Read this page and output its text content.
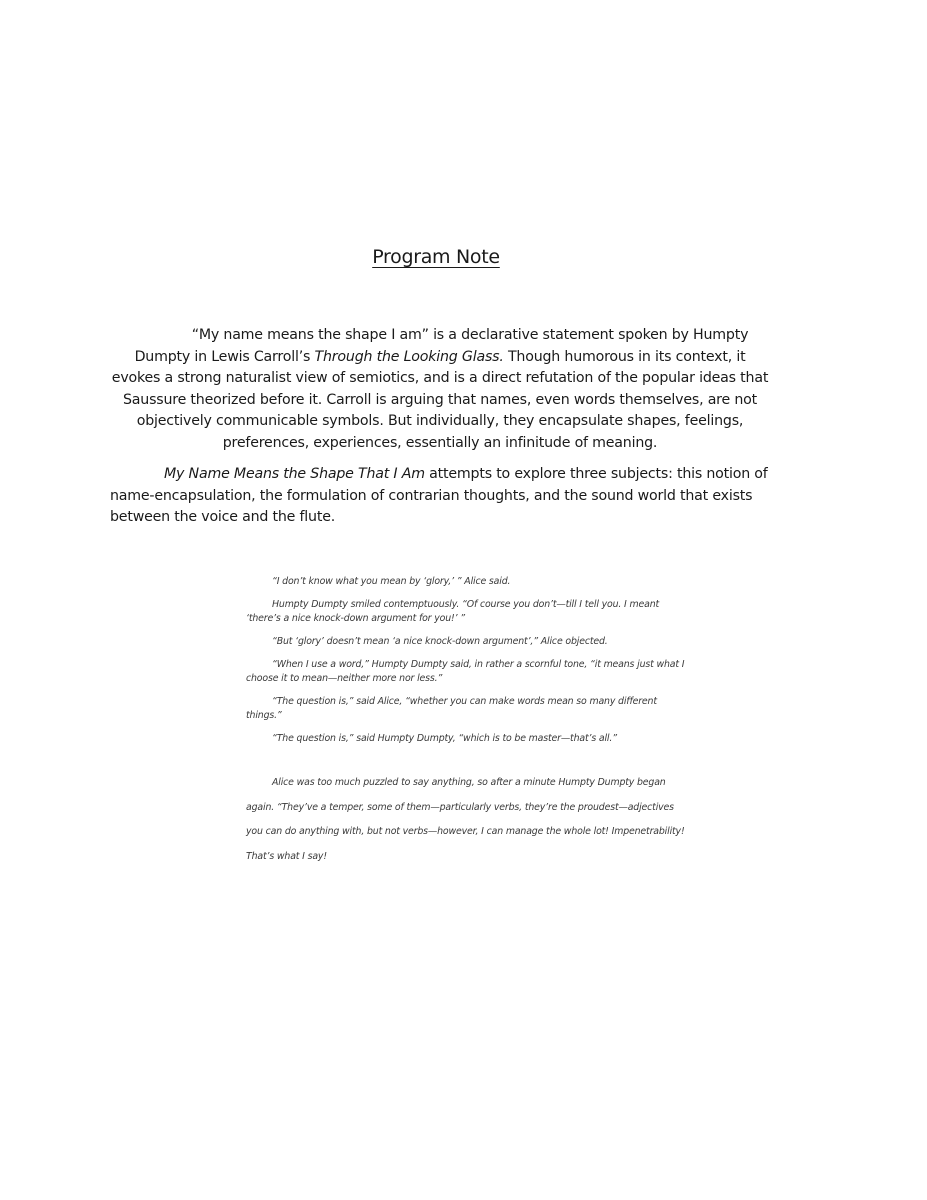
Program Note

“My name means the shape I am” is a declarative statement spoken by Humpty Dumpty in Lewis Carroll’s Through the Looking Glass. Though humorous in its context, it evokes a strong naturalist view of semiotics, and is a direct refutation of the popular ideas that Saussure theorized before it. Carroll is arguing that names, even words themselves, are not objectively communicable symbols. But individually, they encapsulate shapes, feelings, preferences, experiences, essentially an infinitude of meaning.

My Name Means the Shape That I Am attempts to explore three subjects: this notion of name-encapsulation, the formulation of contrarian thoughts, and the sound world that exists between the voice and the flute.

“I don’t know what you mean by ‘glory,’ ” Alice said.

Humpty Dumpty smiled contemptuously. “Of course you don’t—till I tell you. I meant ‘there’s a nice knock-down argument for you!’ ”

“But ‘glory’ doesn’t mean ‘a nice knock-down argument’,” Alice objected.

“When I use a word,” Humpty Dumpty said, in rather a scornful tone, “it means just what I choose it to mean—neither more nor less.”

“The question is,” said Alice, “whether you can make words mean so many different things.”

“The question is,” said Humpty Dumpty, “which is to be master—that’s all.”

Alice was too much puzzled to say anything, so after a minute Humpty Dumpty began again. “They’ve a temper, some of them—particularly verbs, they’re the proudest—adjectives you can do anything with, but not verbs—however, I can manage the whole lot! Impenetrability! That’s what I say!
